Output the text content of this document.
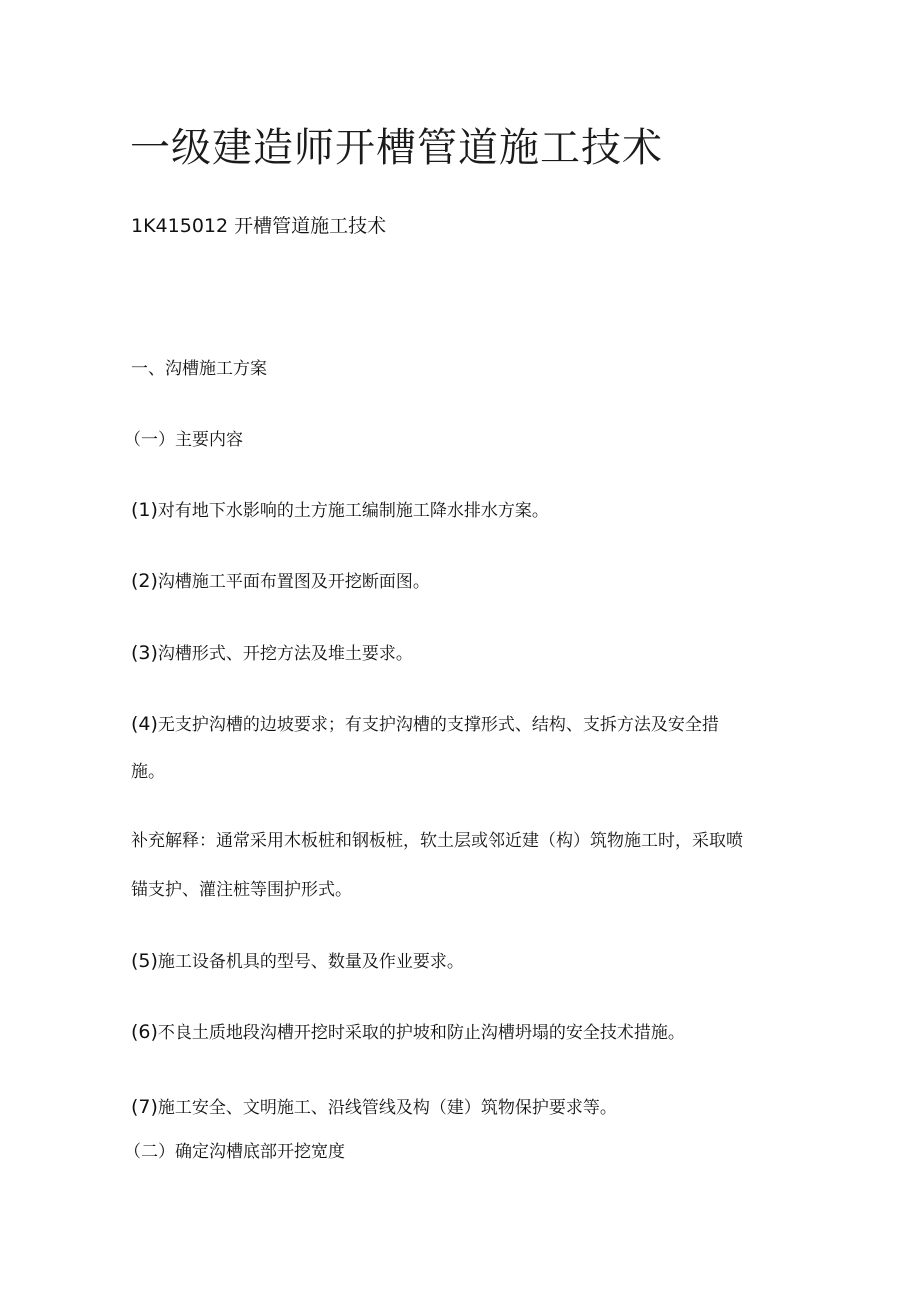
一级建造师开槽管道施工技术
1K415012 开槽管道施工技术
一、沟槽施工方案
（一）主要内容
(1)对有地下水影响的土方施工编制施工降水排水方案。
(2)沟槽施工平面布置图及开挖断面图。
(3)沟槽形式、开挖方法及堆土要求。
(4)无支护沟槽的边坡要求；有支护沟槽的支撑形式、结构、支拆方法及安全措
施。
补充解释：通常采用木板桩和钢板桩，软土层或邻近建（构）筑物施工时，采取喷
锚支护、灌注桩等围护形式。
(5)施工设备机具的型号、数量及作业要求。
(6)不良土质地段沟槽开挖时采取的护坡和防止沟槽坍塌的安全技术措施。
(7)施工安全、文明施工、沿线管线及构（建）筑物保护要求等。
（二）确定沟槽底部开挖宽度
